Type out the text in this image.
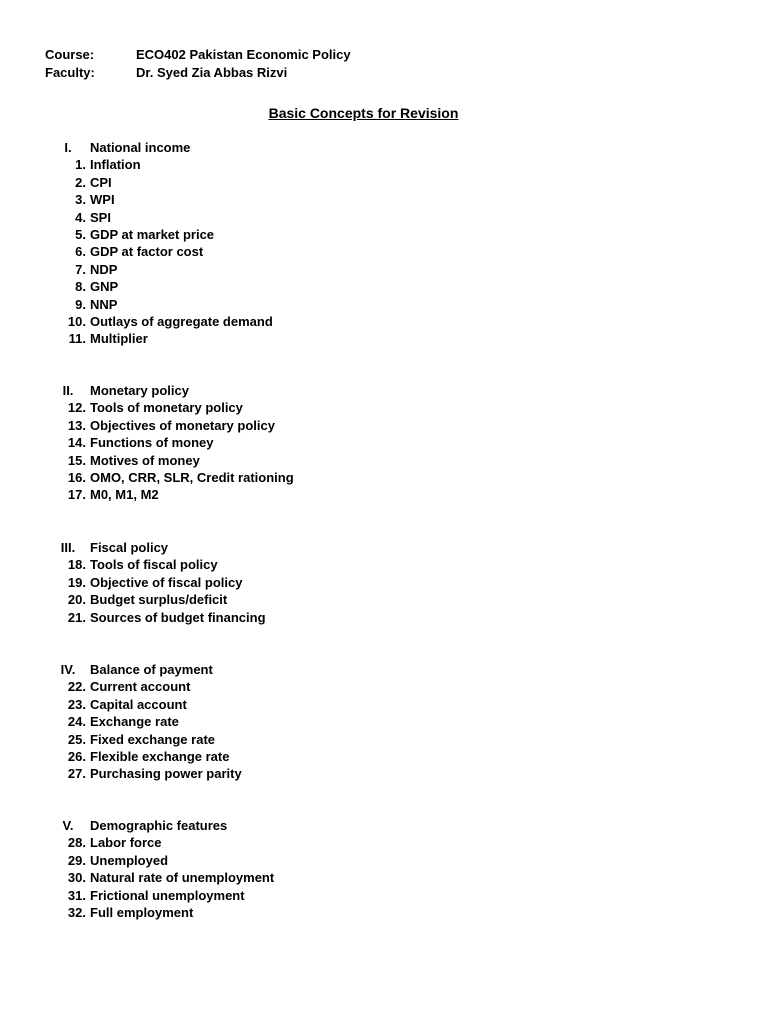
Course:	ECO402 Pakistan Economic Policy
Faculty:	Dr. Syed Zia Abbas Rizvi
Basic Concepts for Revision
I.	National income
1. Inflation
2. CPI
3. WPI
4. SPI
5. GDP at market price
6. GDP at factor cost
7. NDP
8. GNP
9. NNP
10. Outlays of aggregate demand
11. Multiplier
II.	Monetary policy
12. Tools of monetary policy
13. Objectives of monetary policy
14. Functions of money
15. Motives of money
16. OMO, CRR, SLR, Credit rationing
17. M0, M1, M2
III.	Fiscal policy
18. Tools of fiscal policy
19. Objective of fiscal policy
20. Budget surplus/deficit
21. Sources of budget financing
IV.	Balance of payment
22. Current account
23. Capital account
24. Exchange rate
25. Fixed exchange rate
26. Flexible exchange rate
27. Purchasing power parity
V.	Demographic features
28. Labor force
29. Unemployed
30. Natural rate of unemployment
31. Frictional unemployment
32. Full employment
